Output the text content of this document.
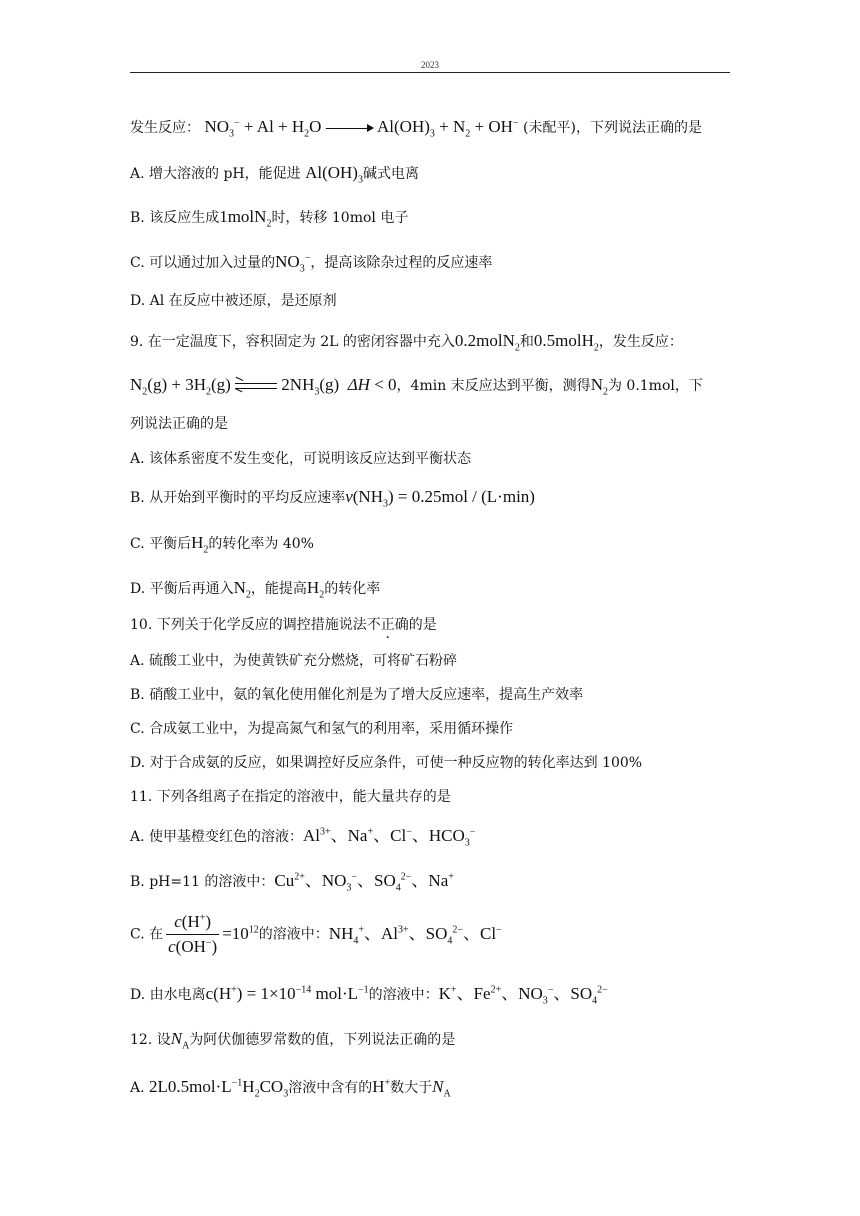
2023
发生反应： $NO_3^- + Al + H_2O$	$Al(OH)_3 + N_2 + OH^-$ (未配平)，下列说法正确的是
A. 增大溶液的 pH，能促进 $Al(OH)_3$碱式电离
B. 该反应生成1molN$_2$时，转移 10mol 电子
C. 可以通过加入过量的$NO_3^-$，提高该除杂过程的反应速率
D. Al 在反应中被还原，是还原剂
9. 在一定温度下，容积固定为 2L 的密闭容器中充入0.2molN$_2$和0.5molH$_2$，发生反应：
$N_2(g) + 3H_2(g)$
$2NH_3(g) \Delta H < 0$，4min 末反应达到平衡，测得$N_2$为 0.1mol，下
列说法正确的是
A. 该体系密度不发生变化，可说明该反应达到平衡状态
B. 从开始到平衡时的平均反应速率$v(NH_3) = 0.25mol / (L\cdot\min)$
C. 平衡后$H_2$的转化率为 40%
D. 平衡后再通入$N_2$，能提高$H_2$的转化率
10. 下列关于化学反应的调控措施说法不正确的是
A. 硫酸工业中，为使黄铁矿充分燃烧，可将矿石粉碎
B. 硝酸工业中，氨的氧化使用催化剂是为了增大反应速率，提高生产效率
C. 合成氨工业中，为提高氮气和氢气的利用率，采用循环操作
D. 对于合成氨的反应，如果调控好反应条件，可使一种反应物的转化率达到 100%
11. 下列各组离子在指定的溶液中，能大量共存的是
A. 使甲基橙变红色的溶液：$Al^{3+}$、Na+、Cl−、$HCO_3^-$
B. pH=11 的溶液中：$Cu^{2+}$、$NO_3^-$、$SO_4^{2-}$、Na+
C. 在 $\frac{c(H^+)}{c(OH^-)} =10^{12}$的溶液中：$NH_4^+$、$Al^{3+}$、$SO_4^{2-}$、Cl−
D. 由水电离$c(H^+) = 1\times 10^{-14}$ $mol\cdot L^{-1}$的溶液中：K+、$Fe^{2+}$、$NO_3^-$、$SO_4^{2-}$
12. 设$N_A$为阿伏伽德罗常数的值，下列说法正确的是
A. $2L0.5mol\cdot L^{-1}H_2CO_3$溶液中含有的H+数大于$N_A$
